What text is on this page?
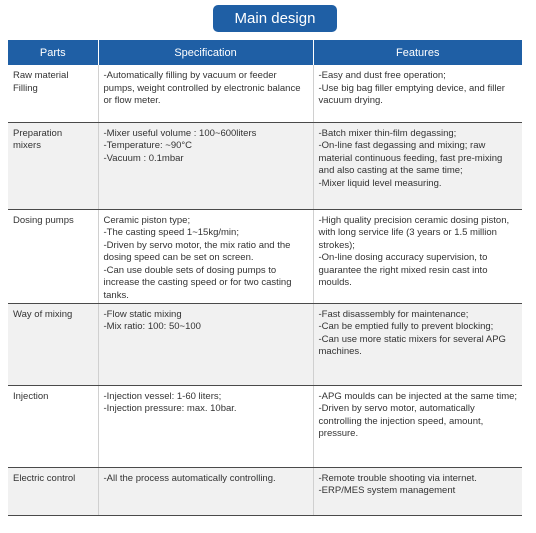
Main design
Parts	Specification	Features

Raw material
Filling	-Automatically filling by vacuum or feeder pumps, weight controlled by electronic balance or flow meter.	-Easy and dust free operation;
-Use big bag filler emptying device, and filler vacuum drying.

Preparation
mixers	-Mixer useful volume : 100~600liters
-Temperature: ~90°C
-Vacuum : 0.1mbar	-Batch mixer thin-film degassing;
-On-line fast degassing and mixing; raw material continuous feeding, fast pre-mixing and also casting at the same time;
-Mixer liquid level measuring.

Dosing pumps	Ceramic piston type;
-The casting speed 1~15kg/min;
-Driven by servo motor, the mix ratio and the dosing speed can be set on screen.
-Can use double sets of dosing pumps to increase the casting speed or for two casting tanks.	-High quality precision ceramic dosing piston, with long service life (3 years or 1.5 million strokes);
-On-line dosing accuracy supervision, to guarantee the right mixed resin cast into moulds.

Way of mixing	-Flow static mixing
-Mix ratio: 100: 50~100	-Fast disassembly for maintenance;
-Can be emptied fully to prevent blocking;
-Can use more static mixers for several APG machines.

Injection	-Injection vessel: 1-60 liters;
-Injection pressure: max. 10bar.	-APG moulds can be injected at the same time;
-Driven by servo motor, automatically controlling the injection speed, amount, pressure.

Electric control	-All the process automatically controlling.	-Remote trouble shooting via internet.
-ERP/MES system management
